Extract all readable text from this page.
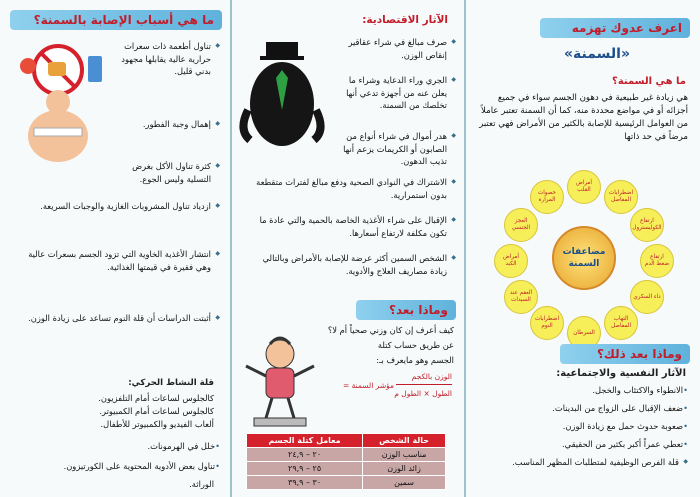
ما هي أسباب الإصابة بالسمنة؟
◆ تناول أطعمة ذات سعرات حرارية عالية يقابلها مجهود بدني قليل.
◆ إهمال وجبة الفطور.
◆ كثرة تناول الأكل بغرض التسلية وليس الجوع.
◆ ازدياد تناول المشروبات الغازية والوجبات السريعة.
◆ انتشار الأغذية الخاوية التي تزود الجسم بسعرات عالية وهي فقيرة في قيمتها الغذائية.
◆ أثبتت الدراسات أن قلة النوم تساعد على زيادة الوزن.
قلة النشاط الحركي:
كالجلوس لساعات أمام التلفزيون.
كالجلوس لساعات أمام الكمبيوتر.
ألعاب الفيديو والكمبيوتر للأطفال.
• خلل في الهرمونات.
• تناول بعض الأدوية المحتوية على الكورتيزون.
الوراثة.
الآثار الاقتصادية:
◆ صرف مبالغ في شراء عقاقير إنقاص الوزن.
◆ الجري وراء الدعاية وشراء ما يعلن عنه من أجهزة تدعي أنها تخلصك من السمنة.
◆ هدر أموال في شراء أنواع من الصابون أو الكريمات يزعم أنها تذيب الدهون.
◆ الاشتراك في النوادي الصحية ودفع مبالغ لفترات متقطعة بدون استمرارية.
◆ الإقبال على شراء الأغذية الخاصة بالحمية والتي عادة ما تكون مكلفة لارتفاع أسعارها.
◆ الشخص السمين أكثر عرضة للإصابة بالأمراض وبالتالي زيادة مصاريف العلاج والأدوية.
وماذا بعد؟
كيف أعرف إن كان وزني صحياً أم لا؟
عن طريق حساب كتلة
الجسم وهو مايعرف بـ:
الوزن بالكجم
مؤشر السمنة =
الطول × الطول م
حالة الشخص	معامل كتلة الجسم
مناسب الوزن	٢٠ – ٢٤,٩
زائد الوزن	٢٥ – ٢٩,٩
سمين	٣٠ – ٣٩,٩
اعرف عدوك تهزمه
«السمنة»
ما هي السمنة؟
هي زيادة غير طبيعية في دهون الجسم سواء في جميع أجزائه أو في مواضع محددة منه، كما أن السمنة تعتبر عاملاً من العوامل الرئيسية للإصابة بالكثير من الأمراض فهي تعتبر مرضاً في حد ذاتها
أمراض القلب	اضطرابات المفاصل
ارتفاع الكوليسترول
ارتفاع ضغط الدم
داء السكري
التهاب المفاصل
السرطان
اضطرابات النوم
العقم عند السيدات
أمراض الكبد
العجز الجنسي
حصوات المرارة
مضاعفات السمنة
وماذا بعد ذلك؟
الآثار النفسية والاجتماعية:
• الانطواء والاكتئاب والخجل.
• ضعف الإقبال على الزواج من البدينات.
• صعوبة حدوث حمل مع زيادة الوزن.
• تعطي عمراً أكبر بكثير من الحقيقي.
◆ قلة الفرص الوظيفية لمتطلبات المظهر المناسب.
